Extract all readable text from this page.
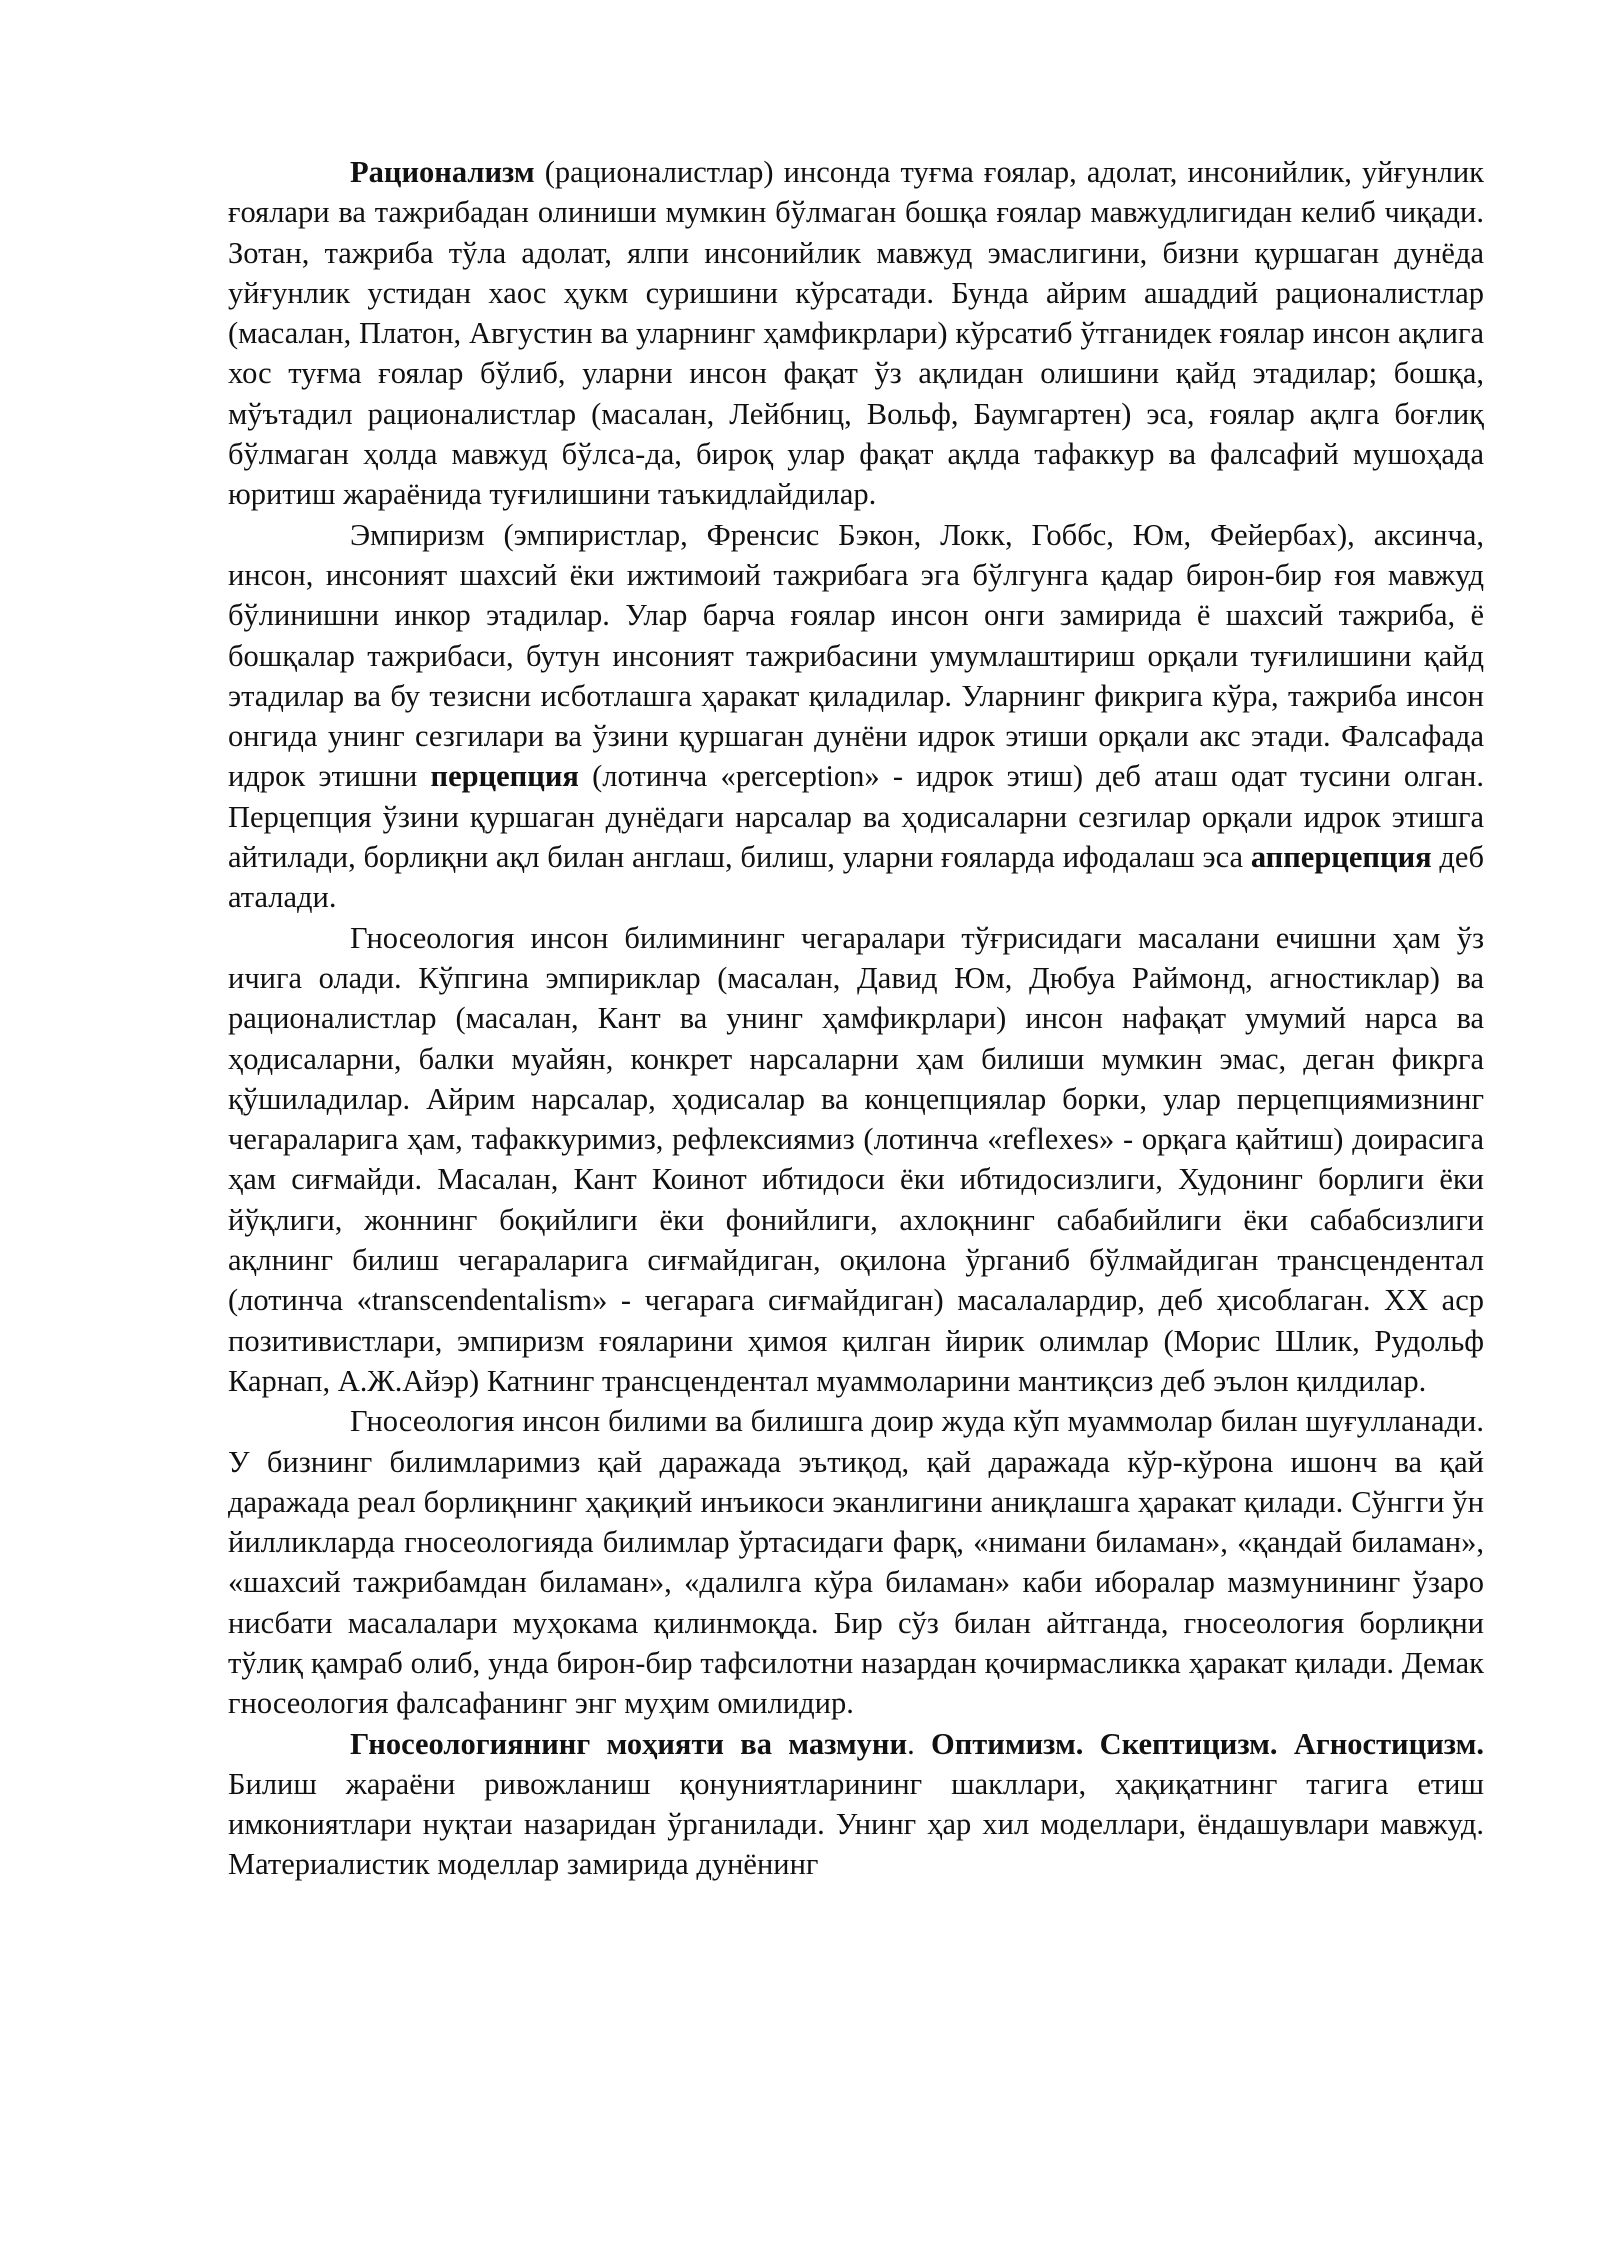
Рационализм (рационалистлар) инсонда туғма ғоялар, адолат, инсонийлик, уйғунлик ғоялари ва тажрибадан олиниши мумкин бўлмаган бошқа ғоялар мавжудлигидан келиб чиқади. Зотан, тажриба тўла адолат, ялпи инсонийлик мавжуд эмаслигини, бизни қуршаган дунёда уйғунлик устидан хаос ҳукм суришини кўрсатади. Бунда айрим ашаддий рационалистлар (масалан, Платон, Августин ва уларнинг ҳамфикрлари) кўрсатиб ўтганидек ғоялар инсон ақлига хос туғма ғоялар бўлиб, уларни инсон фақат ўз ақлидан олишини қайд этадилар; бошқа, мўътадил рационалистлар (масалан, Лейбниц, Вольф, Баумгартен) эса, ғоялар ақлга боғлиқ бўлмаган ҳолда мавжуд бўлса-да, бироқ улар фақат ақлда тафаккур ва фалсафий мушоҳада юритиш жараёнида туғилишини таъкидлайдилар.

Эмпиризм (эмпиристлар, Френсис Бэкон, Локк, Гоббс, Юм, Фейербах), аксинча, инсон, инсоният шахсий ёки ижтимоий тажрибага эга бўлгунга қадар бирон-бир ғоя мавжуд бўлинишни инкор этадилар. Улар барча ғоялар инсон онги замирида ё шахсий тажриба, ё бошқалар тажрибаси, бутун инсоният тажрибасини умумлаштириш орқали туғилишини қайд этадилар ва бу тезисни исботлашга ҳаракат қиладилар. Уларнинг фикрига кўра, тажриба инсон онгида унинг сезгилари ва ўзини қуршаган дунёни идрок этиши орқали акс этади. Фалсафада идрок этишни перцепция (лотинча «perception» - идрок этиш) деб аташ одат тусини олган. Перцепция ўзини қуршаган дунёдаги нарсалар ва ҳодисаларни сезгилар орқали идрок этишга айтилади, борлиқни ақл билан англаш, билиш, уларни ғояларда ифодалаш эса апперцепция деб аталади.

Гносеология инсон билимининг чегаралари тўғрисидаги масалани ечишни ҳам ўз ичига олади. Кўпгина эмпириклар (масалан, Давид Юм, Дюбуа Раймонд, агностиклар) ва рационалистлар (масалан, Кант ва унинг ҳамфикрлари) инсон нафақат умумий нарса ва ҳодисаларни, балки муайян, конкрет нарсаларни ҳам билиши мумкин эмас, деган фикрга қўшиладилар. Айрим нарсалар, ҳодисалар ва концепциялар борки, улар перцепциямизнинг чегараларига ҳам, тафаккуримиз, рефлексиямиз (лотинча «reflexes» - орқага қайтиш) доирасига ҳам сиғмайди. Масалан, Кант Коинот ибтидоси ёки ибтидосизлиги, Худонинг борлиги ёки йўқлиги, жоннинг боқийлиги ёки фонийлиги, ахлоқнинг сабабийлиги ёки сабабсизлиги ақлнинг билиш чегараларига сиғмайдиган, оқилона ўрганиб бўлмайдиган трансцендентал (лотинча «transcendentalism» - чегарага сиғмайдиган) масалалардир, деб ҳисоблаган. ХХ аср позитивистлари, эмпиризм ғояларини ҳимоя қилган йирик олимлар (Морис Шлик, Рудольф Карнап, А.Ж.Айэр) Катнинг трансцендентал муаммоларини мантиқсиз деб эълон қилдилар.

Гносеология инсон билими ва билишга доир жуда кўп муаммолар билан шуғулланади. У бизнинг билимларимиз қай даражада эътиқод, қай даражада кўр-кўрона ишонч ва қай даражада реал борлиқнинг ҳақиқий инъикоси эканлигини аниқлашга ҳаракат қилади. Сўнгги ўн йилликларда гносеологияда билимлар ўртасидаги фарқ, «нимани биламан», «қандай биламан», «шахсий тажрибамдан биламан», «далилга кўра биламан» каби иборалар мазмунининг ўзаро нисбати масалалари муҳокама қилинмоқда. Бир сўз билан айтганда, гносеология борлиқни тўлиқ қамраб олиб, унда бирон-бир тафсилотни назардан қочирмасликка ҳаракат қилади. Демак гносеология фалсафанинг энг муҳим омилидир.

Гносеологиянинг моҳияти ва мазмуни. Оптимизм. Скептицизм. Агностицизм. Билиш жараёни ривожланиш қонуниятларининг шакллари, ҳақиқатнинг тагига етиш имкониятлари нуқтаи назаридан ўрганилади. Унинг ҳар хил моделлари, ёндашувлари мавжуд. Материалистик моделлар замирида дунёнинг
